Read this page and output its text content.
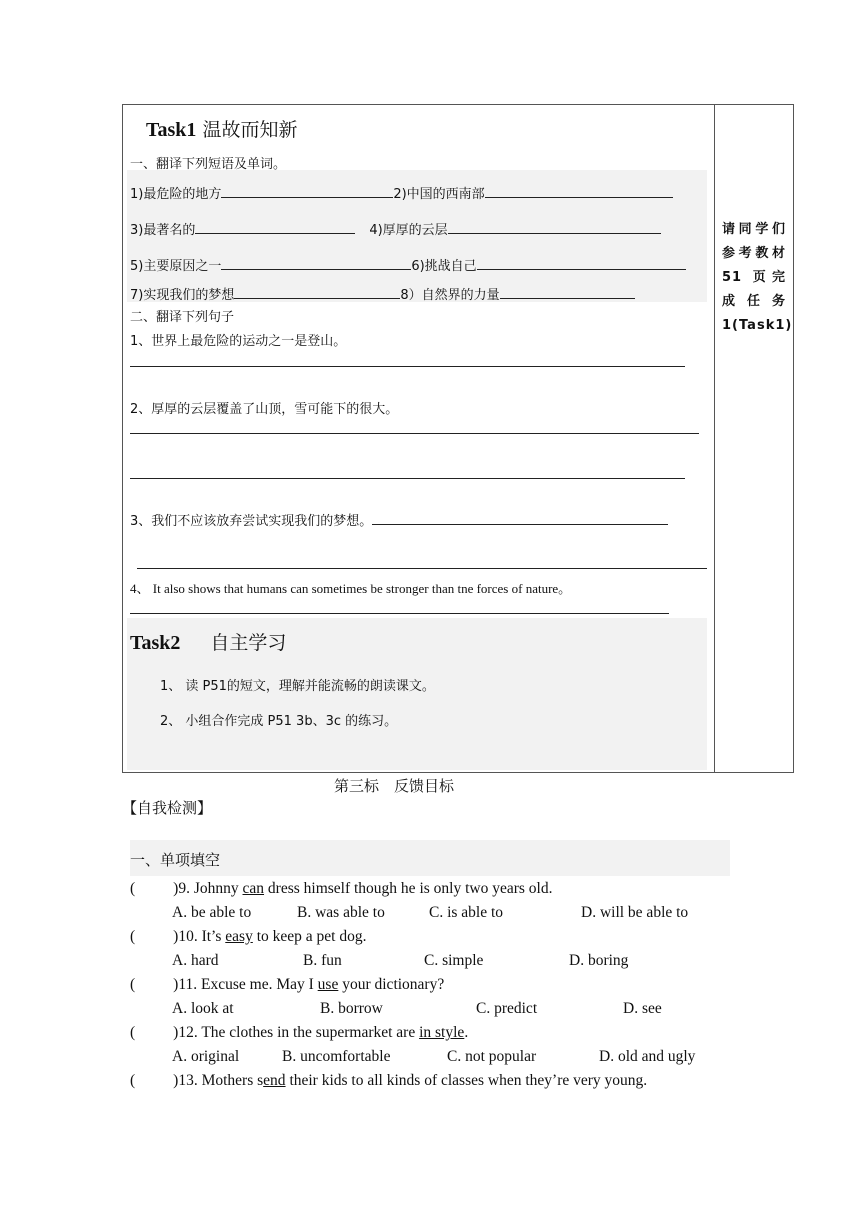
Task1 温故而知新
一、翻译下列短语及单词。
1)最危险的地方	2)中国的西南部
3)最著名的	4)厚厚的云层
5)主要原因之一	6)挑战自己
7)实现我们的梦想	8）自然界的力量
二、翻译下列句子
1、世界上最危险的运动之一是登山。
2、厚厚的云层覆盖了山顶，雪可能下的很大。
3、我们不应该放弃尝试实现我们的梦想。
4、 It also shows that humans can sometimes be stronger than tne forces of nature。
Task2 自主学习
1、 读 P51的短文，理解并能流畅的朗读课文。
2、 小组合作完成 P51 3b、3c 的练习。
请同学们参考教材 51 页完成任务 1(Task1)
第三标　反馈目标
【自我检测】
一、单项填空
( )9. Johnny can dress himself though he is only two years old.
A. be able to	B. was able to	C. is able to	D. will be able to
( )10. It’s easy to keep a pet dog.
A. hard	B. fun	C. simple	D. boring
( )11. Excuse me. May I use your dictionary?
A. look at	B. borrow	C. predict	D. see
( )12. The clothes in the supermarket are in style.
A. original	B. uncomfortable	C. not popular	D. old and ugly
( )13. Mothers send their kids to all kinds of classes when they’re very young.
